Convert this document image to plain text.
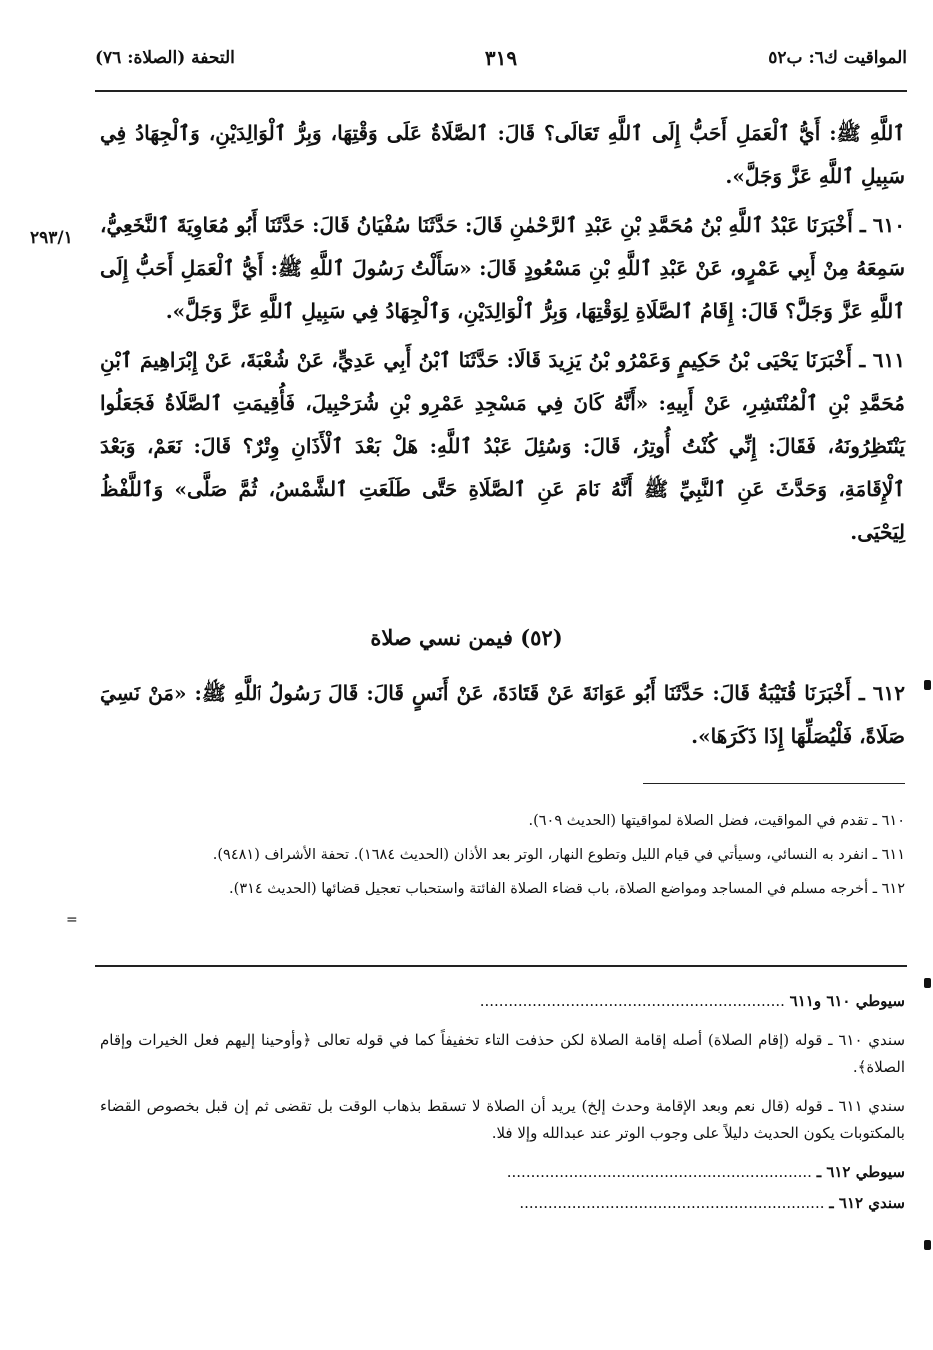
المواقيت ك٦: ب٥٢
٣١٩
التحفة (الصلاة: ٧٦)

ٱللَّهِ ﷺ: أَيُّ ٱلْعَمَلِ أَحَبُّ إِلَى ٱللَّهِ تَعَالَى؟ قَالَ: ٱلصَّلَاةُ عَلَى وَقْتِهَا، وَبِرُّ ٱلْوَالِدَيْنِ، وَٱلْجِهَادُ فِي سَبِيلِ ٱللَّهِ عَزَّ وَجَلَّ».

٦١٠ ـ أَخْبَرَنَا عَبْدُ ٱللَّهِ بْنُ مُحَمَّدِ بْنِ عَبْدِ ٱلرَّحْمٰنِ قَالَ: حَدَّثَنَا سُفْيَانُ قَالَ: حَدَّثَنَا أَبُو مُعَاوِيَةَ ٱلنَّخَعِيُّ، سَمِعَهُ مِنْ أَبِي عَمْرٍو، عَنْ عَبْدِ ٱللَّهِ بْنِ مَسْعُودٍ قَالَ: «سَأَلْتُ رَسُولَ ٱللَّهِ ﷺ: أَيُّ ٱلْعَمَلِ أَحَبُّ إِلَى ٱللَّهِ عَزَّ وَجَلَّ؟ قَالَ: إِقَامُ ٱلصَّلَاةِ لِوَقْتِهَا، وَبِرُّ ٱلْوَالِدَيْنِ، وَٱلْجِهَادُ فِي سَبِيلِ ٱللَّهِ عَزَّ وَجَلَّ».

٦١١ ـ أَخْبَرَنَا يَحْيَى بْنُ حَكِيمٍ وَعَمْرُو بْنُ يَزِيدَ قَالَا: حَدَّثَنَا ٱبْنُ أَبِي عَدِيٍّ، عَنْ شُعْبَةَ، عَنْ إِبْرَاهِيمَ ٱبْنِ مُحَمَّدِ بْنِ ٱلْمُنْتَشِرِ، عَنْ أَبِيهِ: «أَنَّهُ كَانَ فِي مَسْجِدِ عَمْرِو بْنِ شُرَحْبِيلَ، فَأُقِيمَتِ ٱلصَّلَاةُ فَجَعَلُوا يَنْتَظِرُونَهُ، فَقَالَ: إِنِّي كُنْتُ أُوتِرُ، قَالَ: وَسُئِلَ عَبْدُ ٱللَّهِ: هَلْ بَعْدَ ٱلْأَذَانِ وِتْرٌ؟ قَالَ: نَعَمْ، وَبَعْدَ ٱلْإِقَامَةِ، وَحَدَّثَ عَنِ ٱلنَّبِيِّ ﷺ أَنَّهُ نَامَ عَنِ ٱلصَّلَاةِ حَتَّى طَلَعَتِ ٱلشَّمْسُ، ثُمَّ صَلَّى» وَٱللَّفْظُ لِيَحْيَى.

٢٩٣/١
(٥٢) فيمن نسي صلاة
٦١٢ ـ أَخْبَرَنَا قُتَيْبَةُ قَالَ: حَدَّثَنَا أَبُو عَوَانَةَ عَنْ قَتَادَةَ، عَنْ أَنَسٍ قَالَ: قَالَ رَسُولُ ٱللَّهِ ﷺ: «مَنْ نَسِيَ صَلَاةً، فَلْيُصَلِّهَا إِذَا ذَكَرَهَا».

٦١٠ ـ تقدم في المواقيت، فضل الصلاة لمواقيتها (الحديث ٦٠٩).

٦١١ ـ انفرد به النسائي، وسيأتي في قيام الليل وتطوع النهار، الوتر بعد الأذان (الحديث ١٦٨٤). تحفة الأشراف (٩٤٨١).

٦١٢ ـ أخرجه مسلم في المساجد ومواضع الصلاة، باب قضاء الصلاة الفائتة واستحباب تعجيل قضائها (الحديث ٣١٤).

=

سيوطي ٦١٠ و٦١١ ................................................................

سندي ٦١٠ ـ قوله (إقام الصلاة) أصله إقامة الصلاة لكن حذفت التاء تخفيفاً كما في قوله تعالى ﴿وأوحينا إليهم فعل الخيرات وإقام الصلاة﴾.

سندي ٦١١ ـ قوله (قال نعم وبعد الإقامة وحدث إلخ) يريد أن الصلاة لا تسقط بذهاب الوقت بل تقضى ثم إن قبل بخصوص القضاء بالمكتوبات يكون الحديث دليلاً على وجوب الوتر عند عبدالله وإلا فلا.

سيوطي ٦١٢ ـ ................................................................

سندي ٦١٢ ـ ................................................................
